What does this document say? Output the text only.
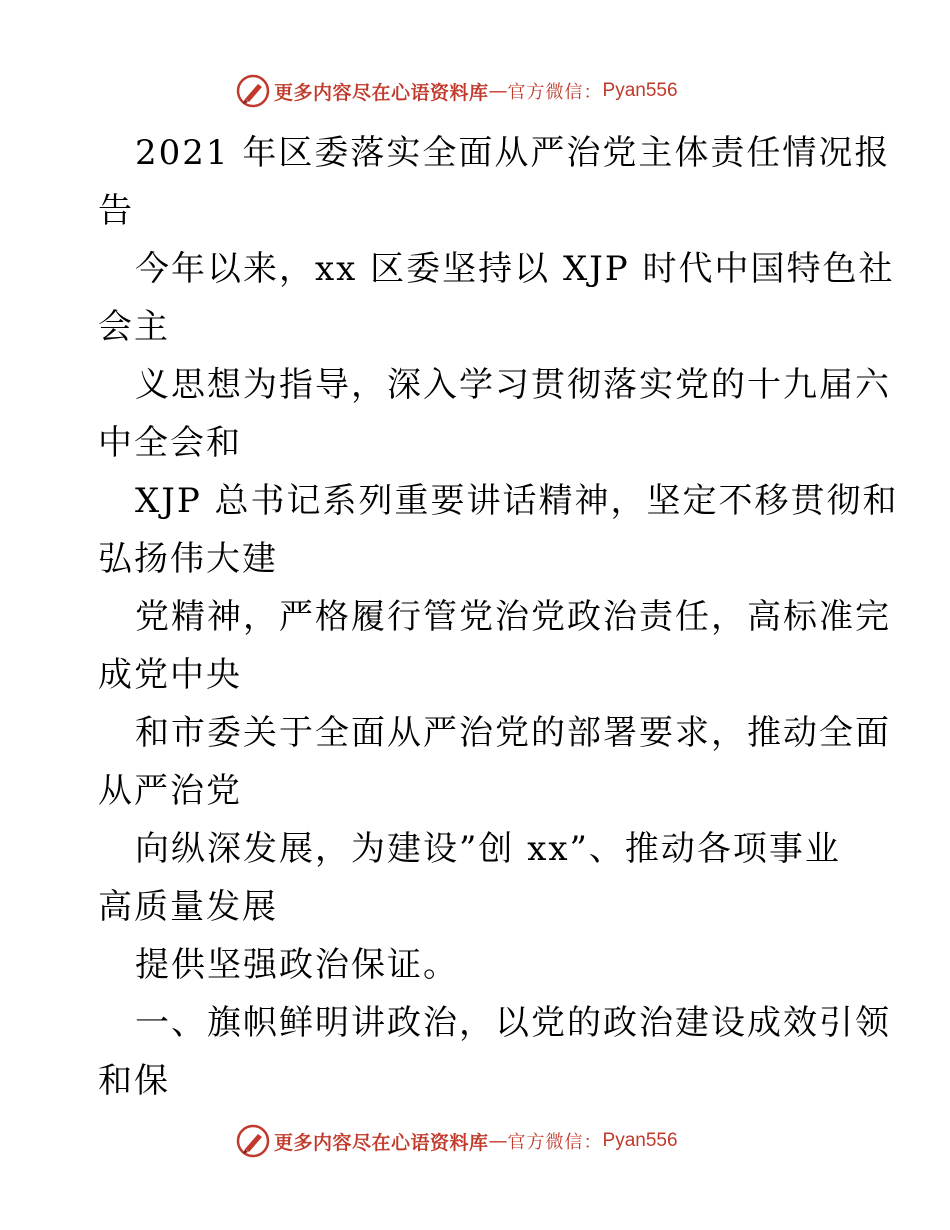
更多内容尽在心语资料库 — 官方微信： Pyan556
2021 年区委落实全面从严治党主体责任情况报
告
今年以来，xx 区委坚持以 XJP 时代中国特色社
会主
义思想为指导，深入学习贯彻落实党的十九届六
中全会和
XJP 总书记系列重要讲话精神，坚定不移贯彻和
弘扬伟大建
党精神，严格履行管党治党政治责任，高标准完
成党中央
和市委关于全面从严治党的部署要求，推动全面
从严治党
向纵深发展，为建设”创 xx”、推动各项事业
高质量发展
提供坚强政治保证。
一、旗帜鲜明讲政治，以党的政治建设成效引领
和保
更多内容尽在心语资料库 — 官方微信： Pyan556
